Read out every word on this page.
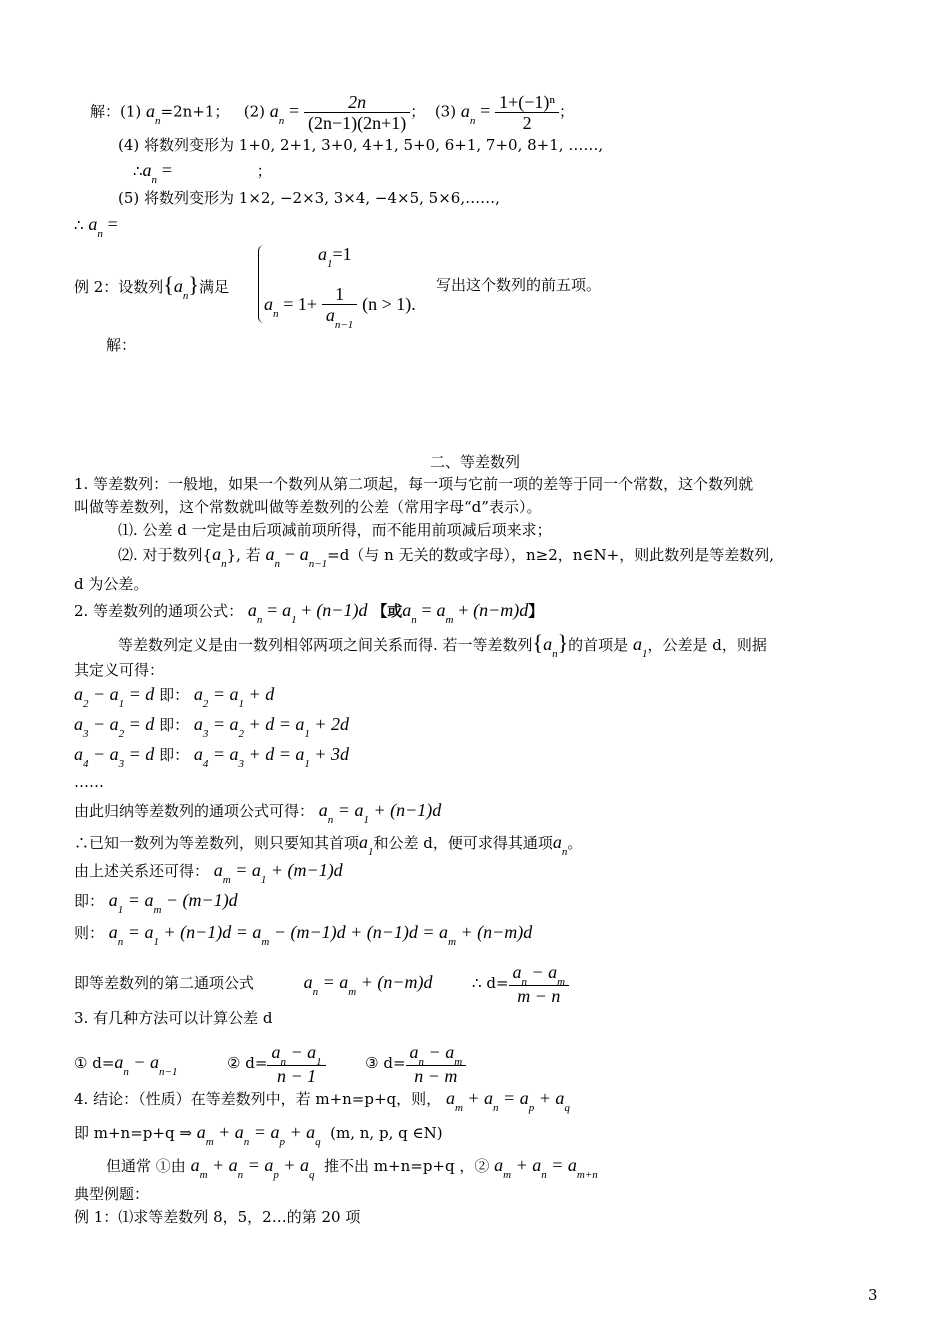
解：(1) $a_n=2n+1$； (2) $a_n = \frac{2n}{(2n-1)(2n+1)}$ ； (3) $a_n = \frac{\text{1+(−1)ⁿ}}{2}$ ；
(4) 将数列变形为 1+0, 2+1, 3+0, 4+1, 5+0, 6+1, 7+0, 8+1, ……,
$\therefore a_n$ =	；
(5) 将数列变形为 1×2, −2×3, 3×4, −4×5, 5×6,……,
∴ $a_n$ =
例 2：设数列$\{a_n\}$满足
$a_1=1$
$a_n = 1+ \frac{1}{a_{n-1}} (n > 1)$.
写出这个数列的前五项。
解：
二、等差数列
1. 等差数列：一般地，如果一个数列从第二项起，每一项与它前一项的差等于同一个常数，这个数列就
叫做等差数列，这个常数就叫做等差数列的公差（常用字母“d”表示）。
⑴. 公差 d 一定是由后项减前项所得，而不能用前项减后项来求；
⑵. 对于数列$\{a_n\}$, 若 $a_n - a_{n-1}=d$（与 n 无关的数或字母），n≥2，n∈N+，则此数列是等差数列,
d 为公差。
2. 等差数列的通项公式： $a_n = a_1 + (n-1)d$ 【或$a_n = a_m + (n-m)d$】
等差数列定义是由一数列相邻两项之间关系而得. 若一等差数列$\{a_n\}$的首项是 $a_1$，公差是 d，则据
其定义可得：
$a_2 - a_1 = d$ 即： $a_2 = a_1 + d$
$a_3 - a_2 = d$ 即： $a_3 = a_2 + d = a_1 + 2d$
$a_4 - a_3 = d$ 即： $a_4 = a_3 + d = a_1 + 3d$
……
由此归纳等差数列的通项公式可得： $a_n = a_1 + (n-1)d$
∴已知一数列为等差数列，则只要知其首项$a_1$和公差 d，便可求得其通项$a_n$。
由上述关系还可得： $a_m = a_1 + (m-1)d$
即： $a_1 = a_m - (m-1)d$
则： $a_n = a_1 + (n-1)d = a_m - (m-1)d + (n-1)d = a_m + (n-m)d$
即等差数列的第二通项公式	$a_n = a_m + (n-m)d$	∴ $d= \frac{a_n - a_m}{m - n}$
3. 有几种方法可以计算公差 d
① $d=a_n - a_{n-1}$	② $d= \frac{a_n - a_1}{n - 1}$	③ $d= \frac{a_n - a_m}{n - m}$
4. 结论：（性质）在等差数列中，若 m+n=p+q，则， $a_m + a_n = a_p + a_q$
即 m+n=p+q ⇒ $a_m + a_n = a_p + a_q$ (m, n, p, q ∈N)
但通常 ①由 $a_m + a_n = a_p + a_q$ 推不出 m+n=p+q ，② $a_m + a_n = a_{m+n}$
典型例题：
例 1：⑴求等差数列 8，5，2…的第 20 项
3
